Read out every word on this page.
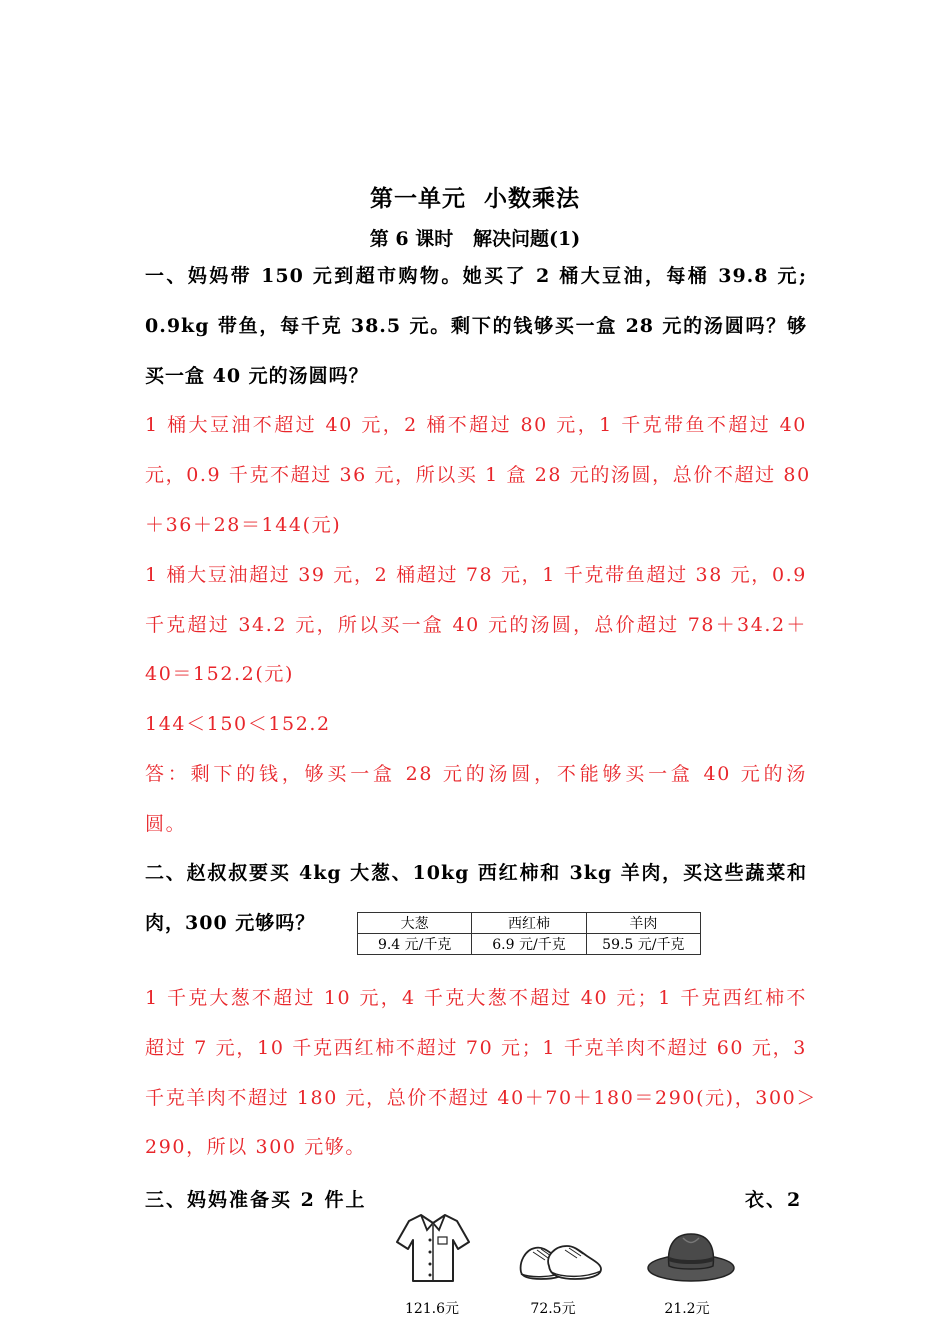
第一单元  小数乘法
第 6 课时   解决问题(1)
一、妈妈带 150 元到超市购物。她买了 2 桶大豆油，每桶 39.8 元;
0.9kg 带鱼，每千克 38.5 元。剩下的钱够买一盒 28 元的汤圆吗？够
买一盒 40 元的汤圆吗？
1 桶大豆油不超过 40 元，2 桶不超过 80 元，1 千克带鱼不超过 40
元，0.9 千克不超过 36 元，所以买 1 盒 28 元的汤圆，总价不超过 80
＋36＋28＝144(元)
1 桶大豆油超过 39 元，2 桶超过 78 元，1 千克带鱼超过 38 元，0.9
千克超过 34.2 元，所以买一盒 40 元的汤圆，总价超过 78＋34.2＋
40＝152.2(元)
144＜150＜152.2
答：剩下的钱，够买一盒 28 元的汤圆，不能够买一盒 40 元的汤
圆。
二、赵叔叔要买 4kg 大葱、10kg 西红柿和 3kg 羊肉，买这些蔬菜和
肉，300 元够吗？	大葱	西红柿	羊肉
9.4 元/千克	6.9 元/千克	59.5 元/千克
1 千克大葱不超过 10 元，4 千克大葱不超过 40 元；1 千克西红柿不
超过 7 元，10 千克西红柿不超过 70 元；1 千克羊肉不超过 60 元，3
千克羊肉不超过 180 元，总价不超过 40＋70＋180＝290(元)，300＞
290，所以 300 元够。
三、妈妈准备买 2 件上	衣、2
121.6元	72.5元	21.2元
